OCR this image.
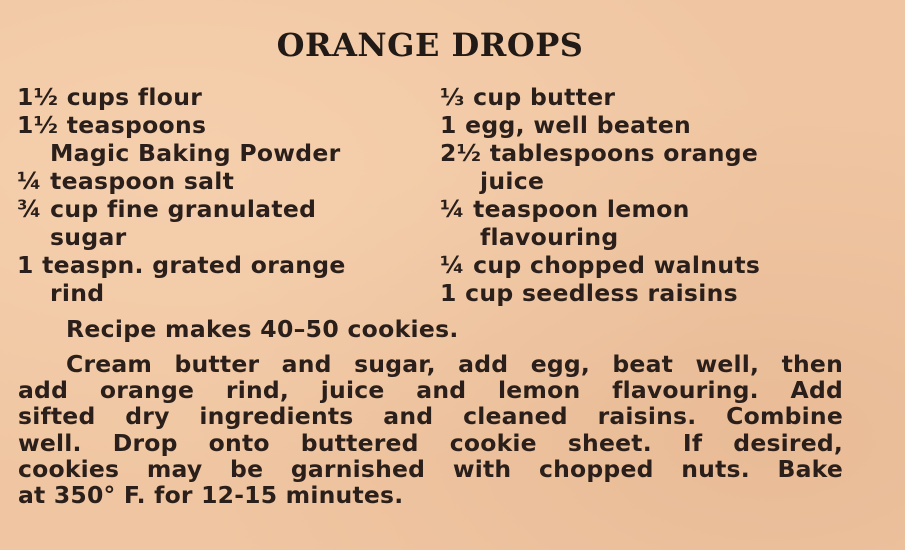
ORANGE DROPS

1½ cups flour

1½ teaspoons
Magic Baking Powder

¼ teaspoon salt

¾ cup fine granulated
sugar

1 teaspn. grated orange
rind

⅓ cup butter

1 egg, well beaten

2½ tablespoons orange
juice

¼ teaspoon lemon
flavouring

¼ cup chopped walnuts

1 cup seedless raisins

Recipe makes 40–50 cookies.

Cream butter and sugar, add egg, beat well, then
add orange rind, juice and lemon flavouring. Add
sifted dry ingredients and cleaned raisins. Combine
well. Drop onto buttered cookie sheet. If desired,
cookies may be garnished with chopped nuts. Bake
at 350° F. for 12-15 minutes.
